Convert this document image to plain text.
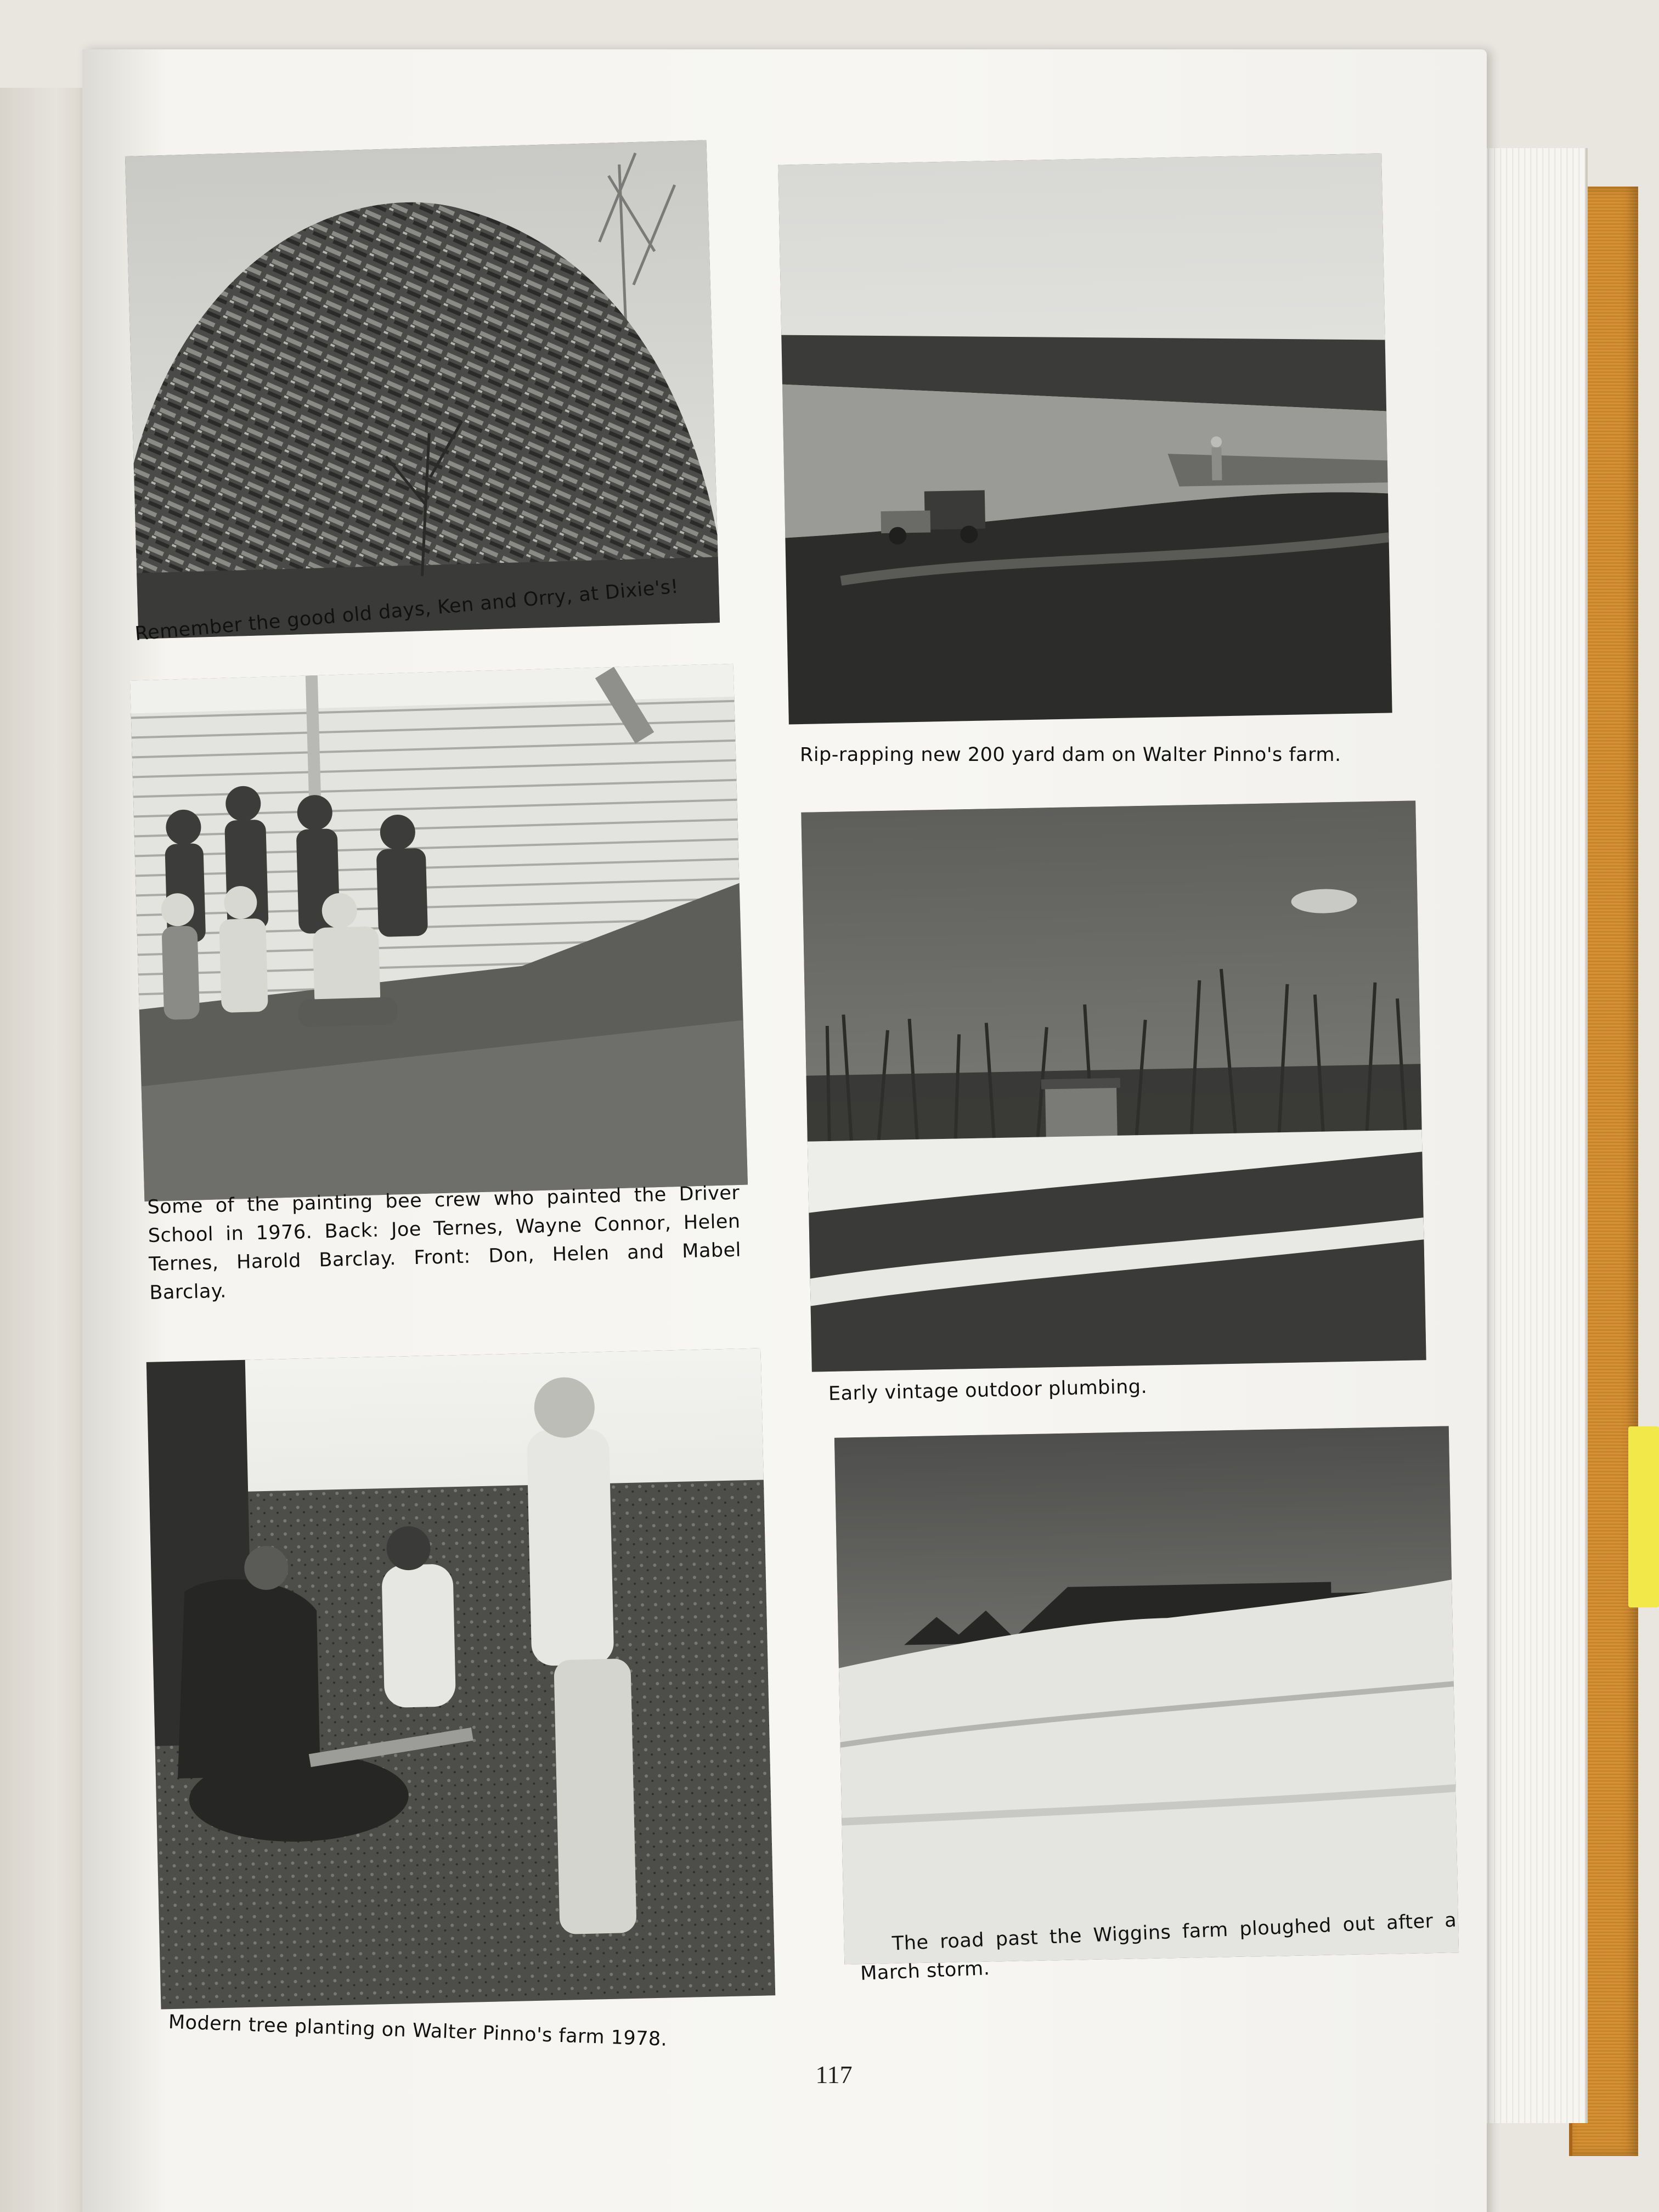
Remember the good old days, Ken and Orry, at Dixie's!
Some of the painting bee crew who painted the Driver School in 1976. Back: Joe Ternes, Wayne Connor, Helen Ternes, Harold Barclay. Front: Don, Helen and Mabel Barclay.
Modern tree planting on Walter Pinno's farm 1978.
Rip-rapping new 200 yard dam on Walter Pinno's farm.
Early vintage outdoor plumbing.
The road past the Wiggins farm ploughed out after a March storm.
117
